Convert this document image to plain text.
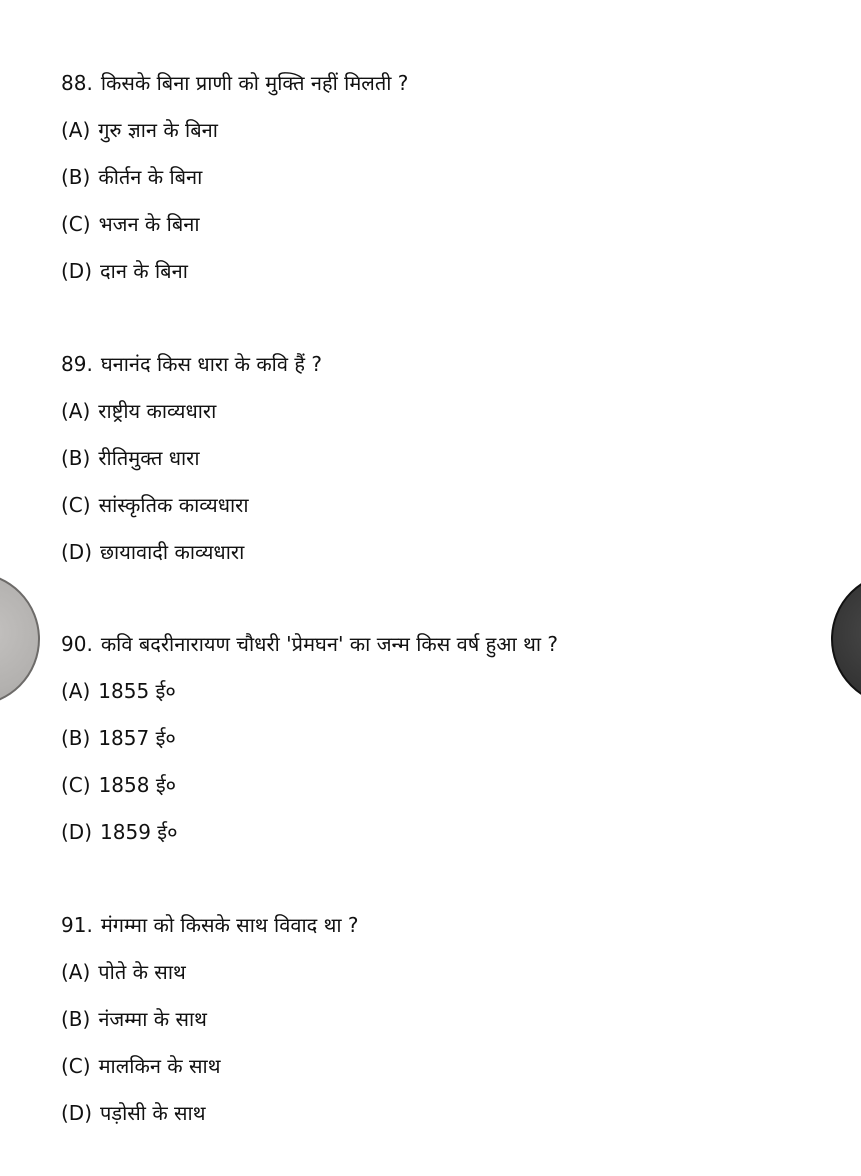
88. किसके बिना प्राणी को मुक्ति नहीं मिलती ?
(A) गुरु ज्ञान के बिना
(B) कीर्तन के बिना
(C) भजन के बिना
(D) दान के बिना
89. घनानंद किस धारा के कवि हैं ?
(A) राष्ट्रीय काव्यधारा
(B) रीतिमुक्त धारा
(C) सांस्कृतिक काव्यधारा
(D) छायावादी काव्यधारा
90. कवि बदरीनारायण चौधरी 'प्रेमघन' का जन्म किस वर्ष हुआ था ?
(A) 1855 ई०
(B) 1857 ई०
(C) 1858 ई०
(D) 1859 ई०
91. मंगम्मा को किसके साथ विवाद था ?
(A) पोते के साथ
(B) नंजम्मा के साथ
(C) मालकिन के साथ
(D) पड़ोसी के साथ
